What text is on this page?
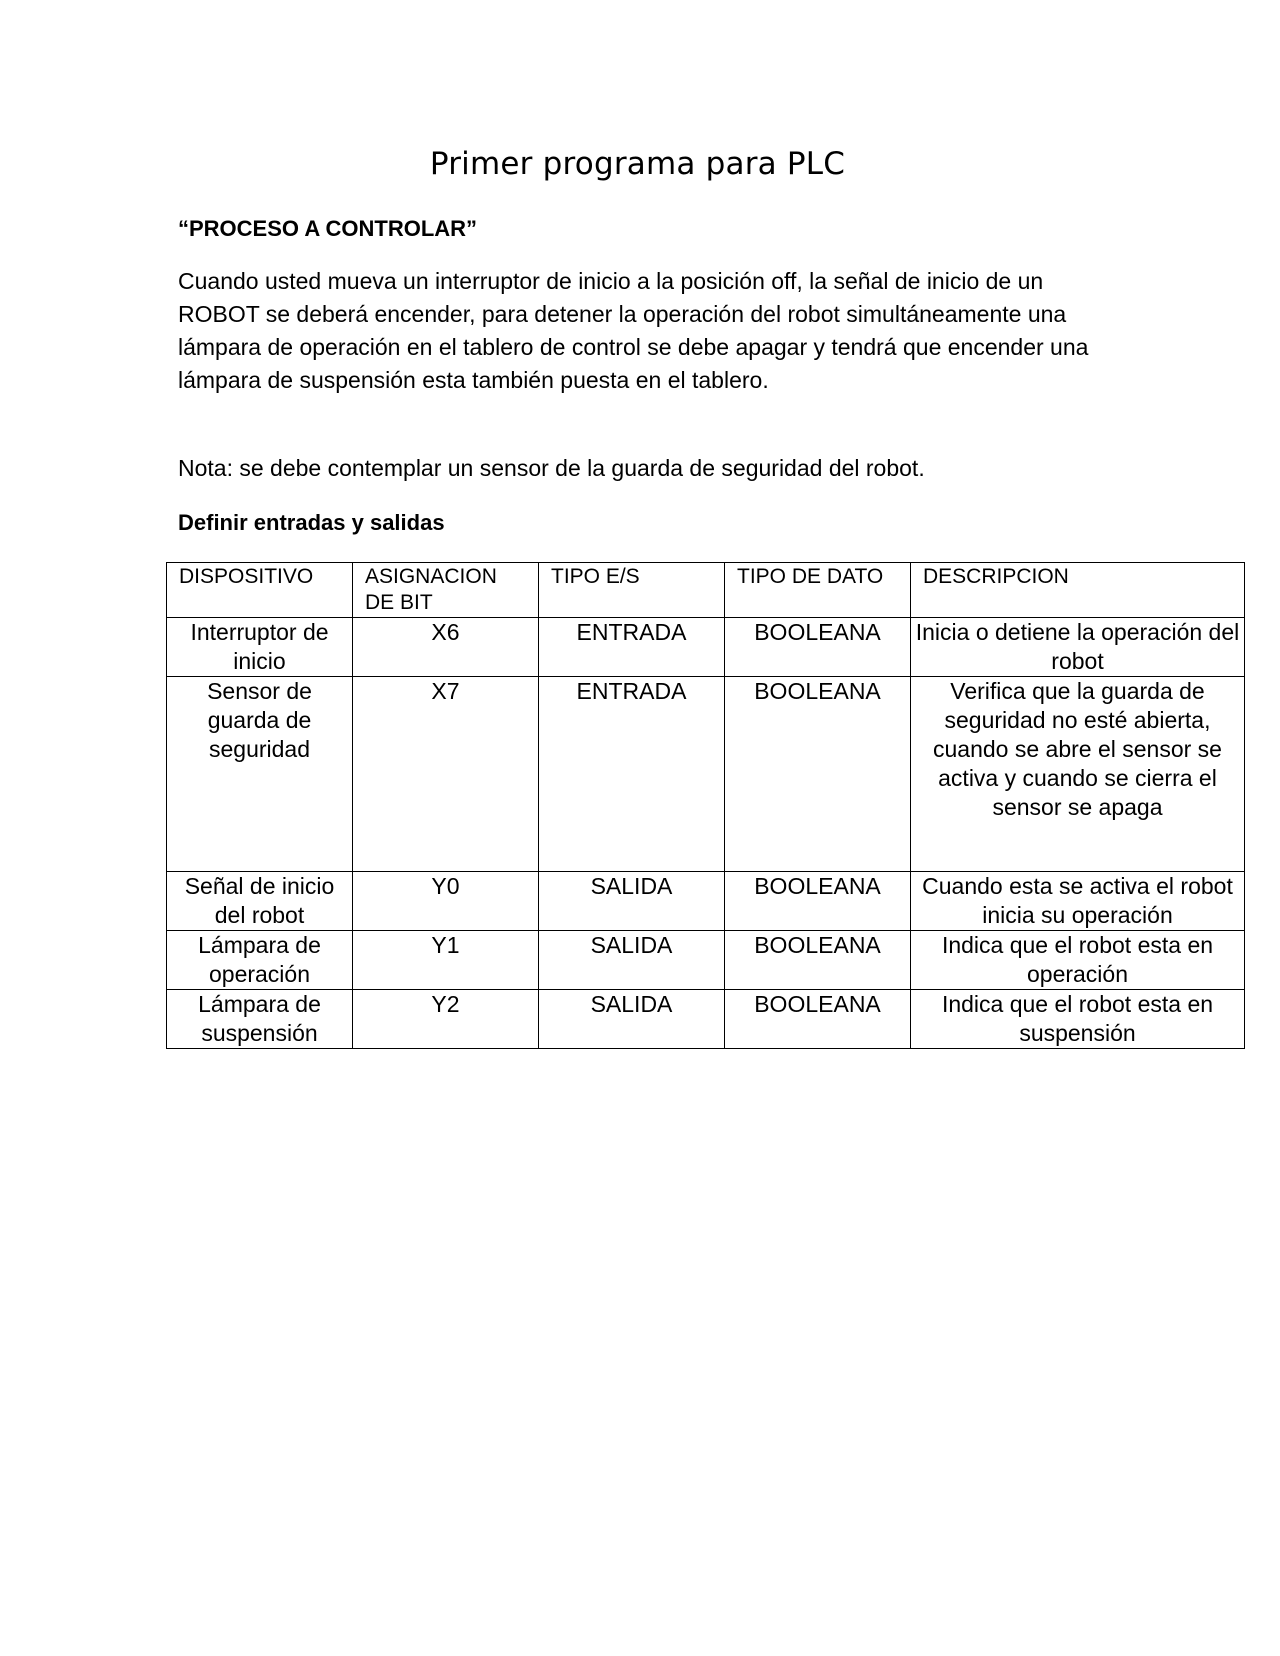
Primer programa para PLC
“PROCESO A CONTROLAR”
Cuando usted mueva un interruptor de inicio a la posición off, la señal de inicio de un ROBOT se deberá encender, para detener la operación del robot simultáneamente una lámpara de operación en el tablero de control se debe apagar y tendrá que encender una lámpara de suspensión esta también puesta en el tablero.
Nota: se debe contemplar un sensor de la guarda de seguridad del robot.
Definir entradas y salidas
DISPOSITIVO	ASIGNACION DE BIT	TIPO E/S	TIPO DE DATO	DESCRIPCION
Interruptor de inicio	X6	ENTRADA	BOOLEANA	Inicia o detiene la operación del robot
Sensor de guarda de seguridad	X7	ENTRADA	BOOLEANA	Verifica que la guarda de seguridad no esté abierta, cuando se abre el sensor se activa y cuando se cierra el sensor se apaga
Señal de inicio del robot	Y0	SALIDA	BOOLEANA	Cuando esta se activa el robot inicia su operación
Lámpara de operación	Y1	SALIDA	BOOLEANA	Indica que el robot esta en operación
Lámpara de suspensión	Y2	SALIDA	BOOLEANA	Indica que el robot esta en suspensión
